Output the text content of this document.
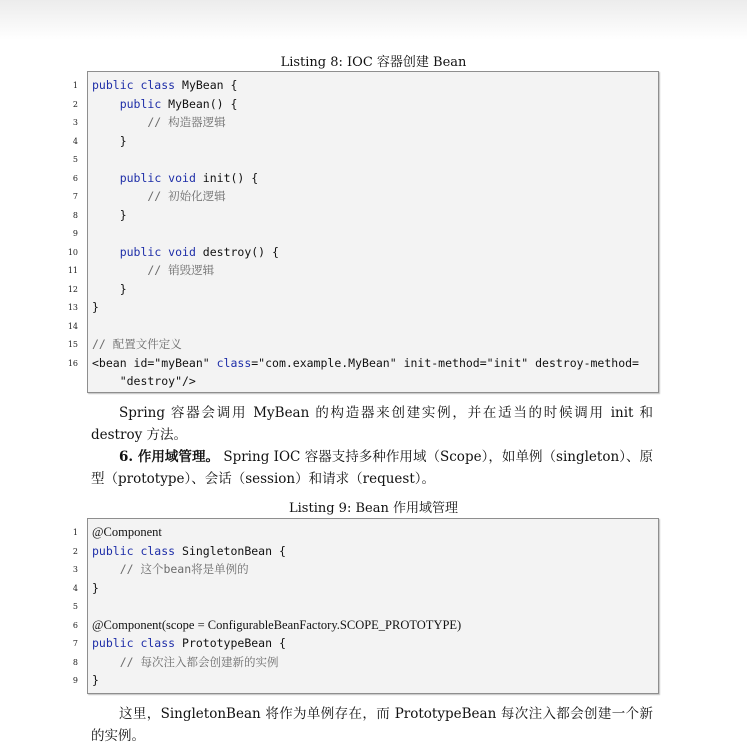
Listing 8: IOC 容器创建 Bean
1 public class MyBean {
2	public MyBean() {
3 // 构造器逻辑
4 }
5
6	public void init() {
7 // 初始化逻辑
8 }
9
10	public void destroy() {
11 // 销毁逻辑
12 }
13 }
14
15 // 配置文件定义
16 <bean id="myBean" class="com.example.MyBean" init-method="init" destroy-method=
"destroy"/>
Spring 容器会调用 MyBean 的构造器来创建实例，并在适当的时候调用 init 和 destroy 方法。
6. 作用域管理。 Spring IOC 容器支持多种作用域（Scope），如单例（singleton）、原型（prototype）、会话（session）和请求（request）。
Listing 9: Bean 作用域管理
1 @Component
2 public class SingletonBean {
3 // 这个bean将是单例的
4 }
5
6 @Component(scope = ConfigurableBeanFactory.SCOPE_PROTOTYPE)
7 public class PrototypeBean {
8 // 每次注入都会创建新的实例
9 }
这里，SingletonBean 将作为单例存在，而 PrototypeBean 每次注入都会创建一个新的实例。
